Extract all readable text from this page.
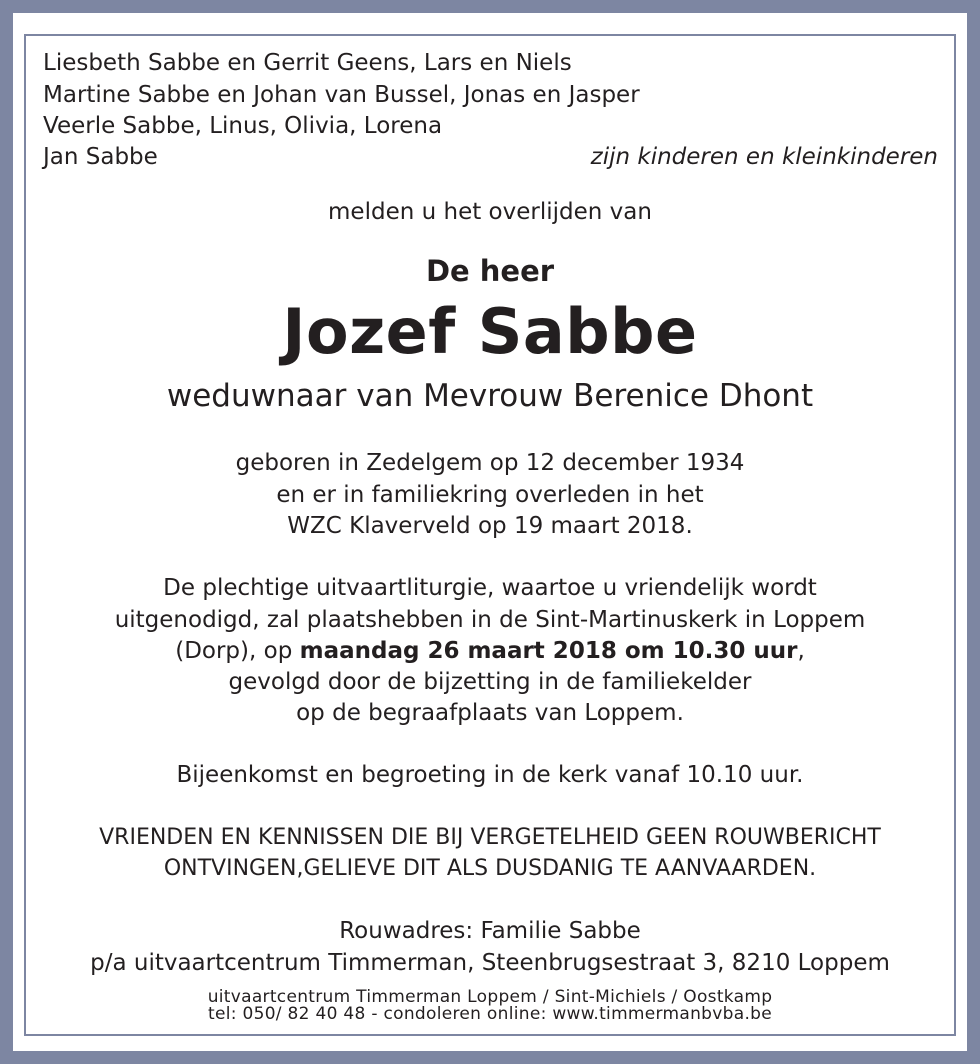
Liesbeth Sabbe en Gerrit Geens, Lars en Niels
Martine Sabbe en Johan van Bussel, Jonas en Jasper
Veerle Sabbe, Linus, Olivia, Lorena
Jan Sabbe	zijn kinderen en kleinkinderen
melden u het overlijden van
De heer
Jozef Sabbe
weduwnaar van Mevrouw Berenice Dhont
geboren in Zedelgem op 12 december 1934
en er in familiekring overleden in het
WZC Klaverveld op 19 maart 2018.
De plechtige uitvaartliturgie, waartoe u vriendelijk wordt
uitgenodigd, zal plaatshebben in de Sint-Martinuskerk in Loppem
(Dorp), op maandag 26 maart 2018 om 10.30 uur,
gevolgd door de bijzetting in de familiekelder
op de begraafplaats van Loppem.
Bijeenkomst en begroeting in de kerk vanaf 10.10 uur.
VRIENDEN EN KENNISSEN DIE BIJ VERGETELHEID GEEN ROUWBERICHT
ONTVINGEN,GELIEVE DIT ALS DUSDANIG TE AANVAARDEN.
Rouwadres: Familie Sabbe
p/a uitvaartcentrum Timmerman, Steenbrugsestraat 3, 8210 Loppem
uitvaartcentrum Timmerman Loppem / Sint-Michiels / Oostkamp
tel: 050/ 82 40 48 - condoleren online: www.timmermanbvba.be
